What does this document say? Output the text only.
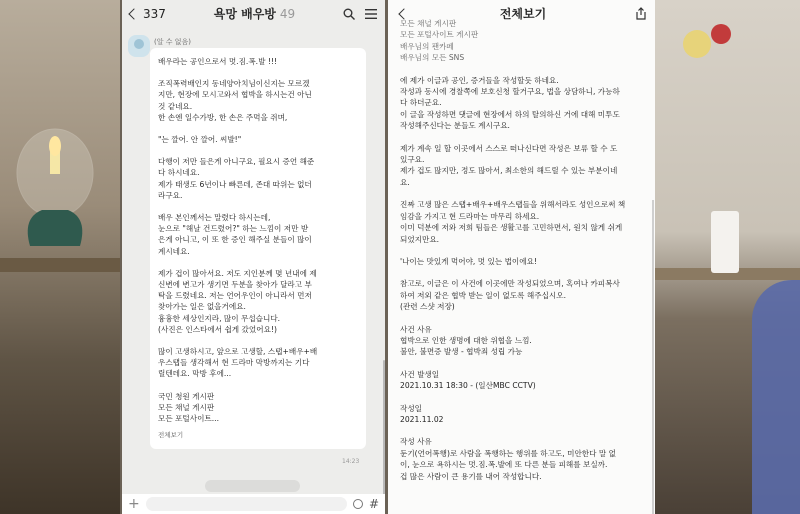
337	욕망 배우방 49
(알 수 없음)

배우라는 공인으로서 멋.짐.폭.발 !!!

조직폭력배인지 동네양아치님이신지는 모르겠
지만, 현장에 모시고와서 협박을 하시는건 아닌
것 같네요.
한 손엔 일수가방, 한 손은 주먹을 쥐며,

"는 깔어. 안 깔어. 씨발!"

다행이 저만 들은게 아니구요, 필요시 증언 해준
다 하시네요.
제가 태생도 6년이나 빠른데, 존대 따위는 없더
라구요.

배우 본인께서는 말렸다 하시는데,
눈으로 "해날 건드렸어?" 하는 느낌이 저만 받
은게 아니고, 이 또 한 증인 해주실 분들이 많이
계시네요.

제가 겁이 많아서요. 저도 지인분께 몇 년내에 제
신변에 변고가 생기면 두분을 찾아가 달라고 부
탁을 드렸네요. 저는 언어우인이 아니라서 먼저
찾아가는 일은 없을거에요.
흉흉한 세상인지라, 많이 무섭습니다.
(사진은 인스타에서 쉽게 갔었어요!)

많이 고생하시고, 앞으로 고생할, 스탭+배우+배
우스탭들 생각해서 현 드라마 막방까지는 기다
릴텐데요. 막방 후에...

국민 청원 게시판
모든 채널 게시판
모든 포털사이트...

전체보기
14:23
+	#
전체보기

모든 채널 게시판
모든 포털사이트 게시판
배우님의 팬카페
배우님의 모든 SNS

에 제가 이글과 공인, 증거들을 작성할듯 하네요.
작성과 동시에 경찰쪽에 보호신청 할거구요, 법을 상담하니, 가능하
다 하더군요.
이 글을 작성하면 댓글에 현장에서 하의 탈의하신 거에 대해 미투도
작성해주신다는 분들도 계시구요.

제가 계속 일 할 이곳에서 스스로 떠나신다면 작성은 보류 할 수 도
있구요.
제가 겁도 많지만, 정도 많아서, 최소한의 해드릴 수 있는 부분이네
요.

진짜 고생 많은 스탭+배우+배우스탭들을 위해서라도 성인으로써 책
임감을 가지고 현 드라마는 마무리 하세요.
이미 덕분에 저와 저희 팀들은 생활고를 고민하면서, 원치 않게 쉬게
되었지만요.

'나이는 맛있게 먹어야, 멋 있는 법이에요!

참고로, 이글은 이 사건에 이곳에만 작성되었으며, 혹여나 카피복사
하여 저외 같은 협박 받는 일이 없도록 해주십시오.
(관련 스샷 저장)

사건 사유
협박으로 인한 생명에 대한 위협을 느낌.
불안, 불면증 발생 - 협박죄 성립 가능

사건 발생일
2021.10.31 18:30 - (일산MBC CCTV)

작성일
2021.11.02

작성 사유
둔기(언어폭행)로 사람을 폭행하는 행위를 하고도, 미안한다 말 없
이, 눈으로 욕하시는 멋.짐.폭.발에 또 다른 분들 피해를 보실까.
겁 많은 사람이 큰 용기를 내어 작성합니다.
